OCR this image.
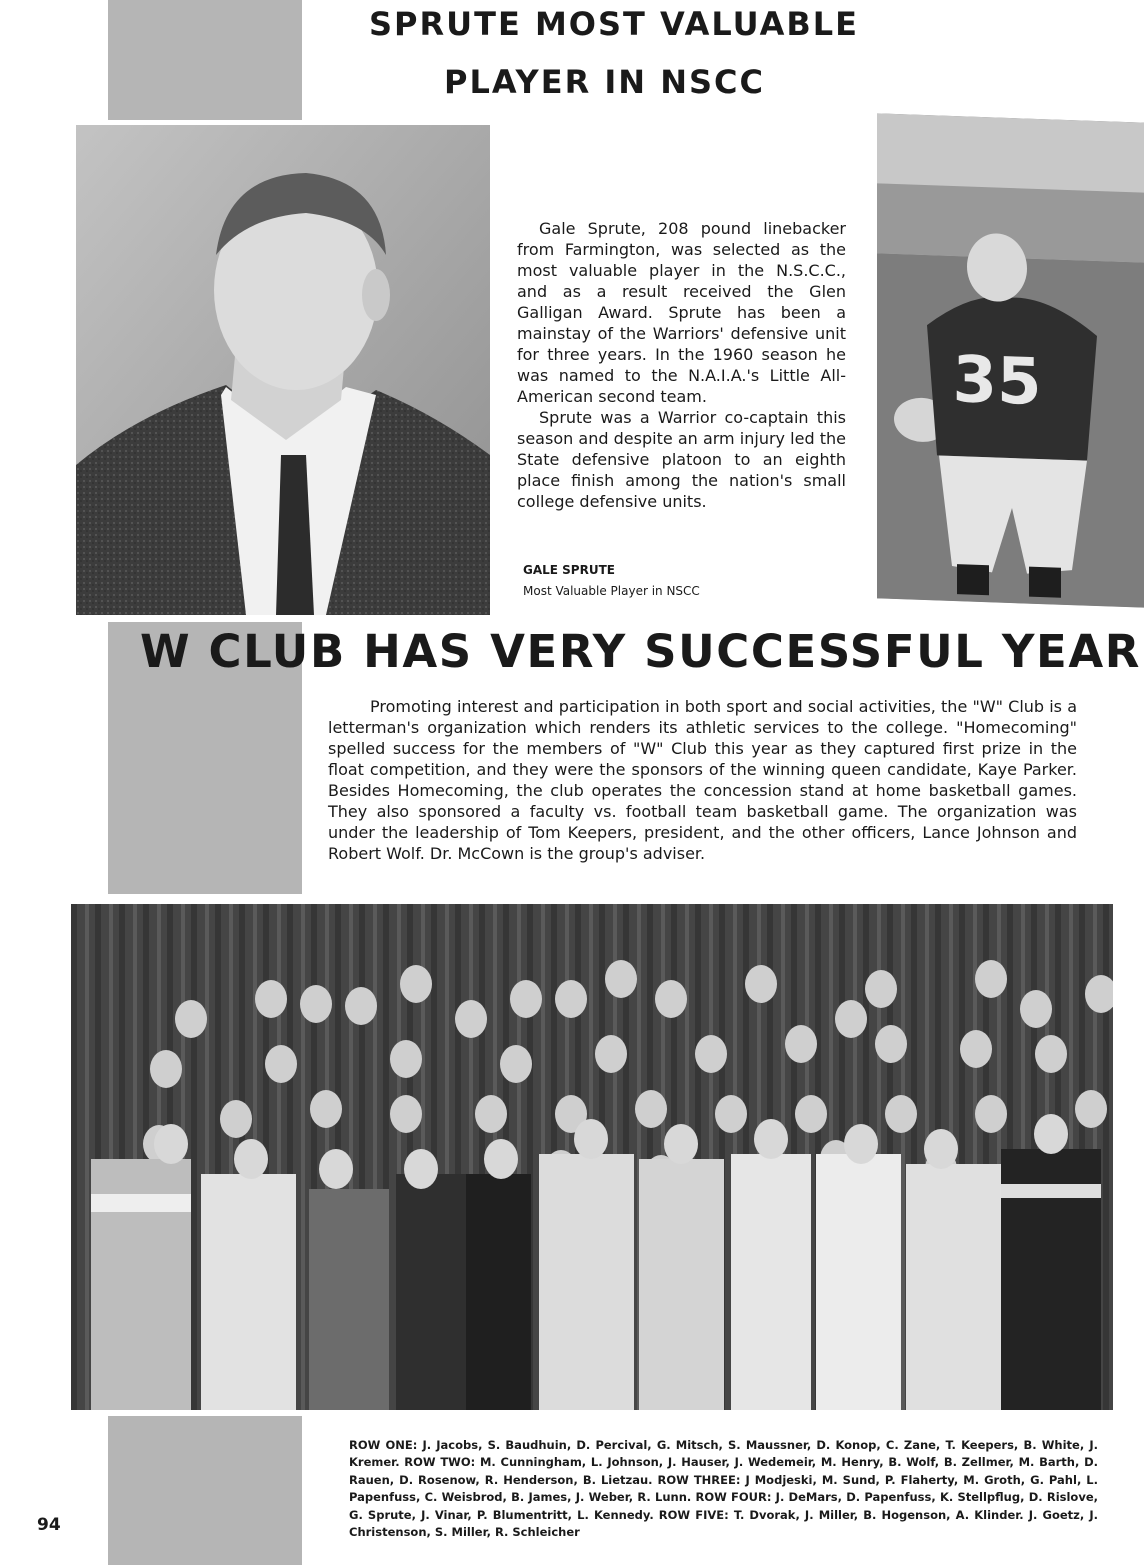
SPRUTE MOST VALUABLE
PLAYER IN NSCC

Gale Sprute, 208 pound linebacker from Farmington, was selected as the most valuable player in the N.S.C.C., and as a result received the Glen Galligan Award. Sprute has been a mainstay of the Warriors' defensive unit for three years. In the 1960 season he was named to the N.A.I.A.'s Little All-American second team.

Sprute was a Warrior co-captain this season and despite an arm injury led the State defensive platoon to an eighth place finish among the nation's small college defensive units.

GALE SPRUTE
Most Valuable Player in NSCC
35
W CLUB HAS VERY SUCCESSFUL YEAR

Promoting interest and participation in both sport and social activities, the "W" Club is a letterman's organization which renders its athletic services to the college. "Homecoming" spelled success for the members of "W" Club this year as they captured first prize in the float competition, and they were the sponsors of the winning queen candidate, Kaye Parker. Besides Homecoming, the club operates the concession stand at home basketball games. They also sponsored a faculty vs. football team basketball game. The organization was under the leadership of Tom Keepers, president, and the other officers, Lance Johnson and Robert Wolf. Dr. McCown is the group's adviser.

ROW ONE: J. Jacobs, S. Baudhuin, D. Percival, G. Mitsch, S. Maussner, D. Konop, C. Zane, T. Keepers, B. White, J. Kremer. ROW TWO: M. Cunningham, L. Johnson, J. Hauser, J. Wedemeir, M. Henry, B. Wolf, B. Zellmer, M. Barth, D. Rauen, D. Rosenow, R. Henderson, B. Lietzau. ROW THREE: J Modjeski, M. Sund, P. Flaherty, M. Groth, G. Pahl, L. Papenfuss, C. Weisbrod, B. James, J. Weber, R. Lunn. ROW FOUR: J. DeMars, D. Papenfuss, K. Stellpflug, D. Rislove, G. Sprute, J. Vinar, P. Blumentritt, L. Kennedy. ROW FIVE: T. Dvorak, J. Miller, B. Hogenson, A. Klinder. J. Goetz, J. Christenson, S. Miller, R. Schleicher

94
